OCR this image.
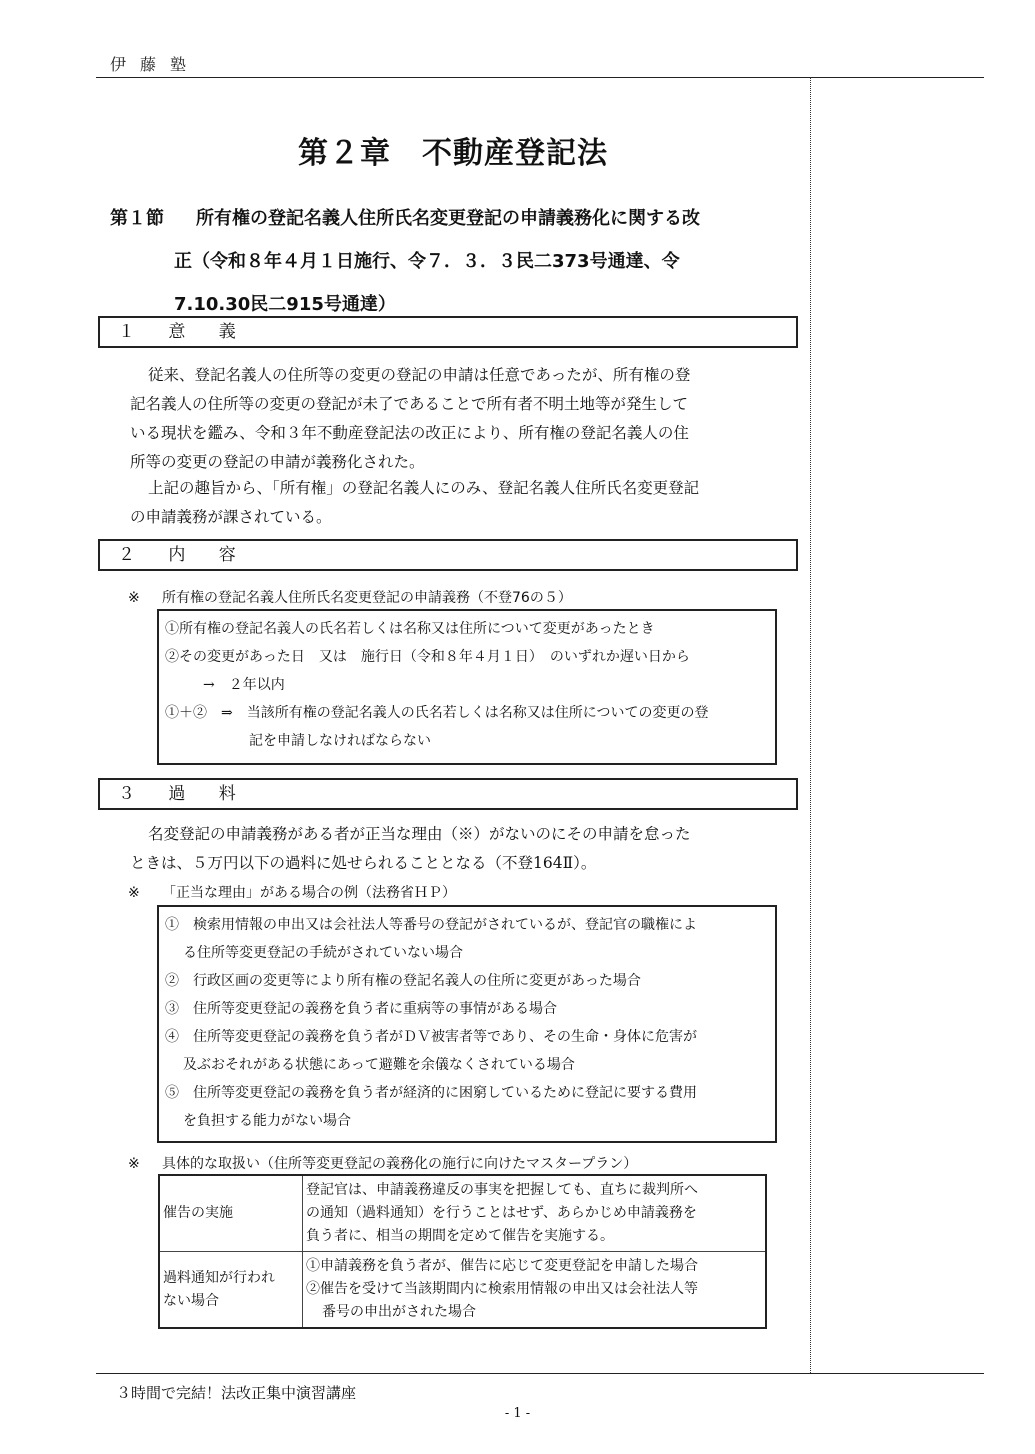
伊藤塾
第２章　不動産登記法
第１節 所有権の登記名義人住所氏名変更登記の申請義務化に関する改
正（令和８年４月１日施行、令７．３．３民二373号通達、令
7.10.30民二915号通達）
１ 意 義
従来、登記名義人の住所等の変更の登記の申請は任意であったが、所有権の登
記名義人の住所等の変更の登記が未了であることで所有者不明土地等が発生して
いる現状を鑑み、令和３年不動産登記法の改正により、所有権の登記名義人の住
所等の変更の登記の申請が義務化された。
上記の趣旨から、「所有権」の登記名義人にのみ、登記名義人住所氏名変更登記
の申請義務が課されている。
２ 内 容
※ 所有権の登記名義人住所氏名変更登記の申請義務（不登76の５）
①所有権の登記名義人の氏名若しくは名称又は住所について変更があったとき
②その変更があった日　又は　施行日（令和８年４月１日）　のいずれか遅い日から
→　２年以内
①＋②　⇒　当該所有権の登記名義人の氏名若しくは名称又は住所についての変更の登
記を申請しなければならない
３ 過 料
名変登記の申請義務がある者が正当な理由（※）がないのにその申請を怠った
ときは、５万円以下の過料に処せられることとなる（不登164Ⅱ）。
※ 「正当な理由」がある場合の例（法務省ＨＰ）
①　検索用情報の申出又は会社法人等番号の登記がされているが、登記官の職権によ
る住所等変更登記の手続がされていない場合
②　行政区画の変更等により所有権の登記名義人の住所に変更があった場合
③　住所等変更登記の義務を負う者に重病等の事情がある場合
④　住所等変更登記の義務を負う者がＤＶ被害者等であり、その生命・身体に危害が
及ぶおそれがある状態にあって避難を余儀なくされている場合
⑤　住所等変更登記の義務を負う者が経済的に困窮しているために登記に要する費用
を負担する能力がない場合
※ 具体的な取扱い（住所等変更登記の義務化の施行に向けたマスタープラン）
催告の実施	登記官は、申請義務違反の事実を把握しても、直ちに裁判所へ
の通知（過料通知）を行うことはせず、あらかじめ申請義務を
負う者に、相当の期間を定めて催告を実施する。

過料通知が行われ
ない場合	①申請義務を負う者が、催告に応じて変更登記を申請した場合
②催告を受けて当該期間内に検索用情報の申出又は会社法人等
番号の申出がされた場合
３時間で完結！法改正集中演習講座
- 1 -
